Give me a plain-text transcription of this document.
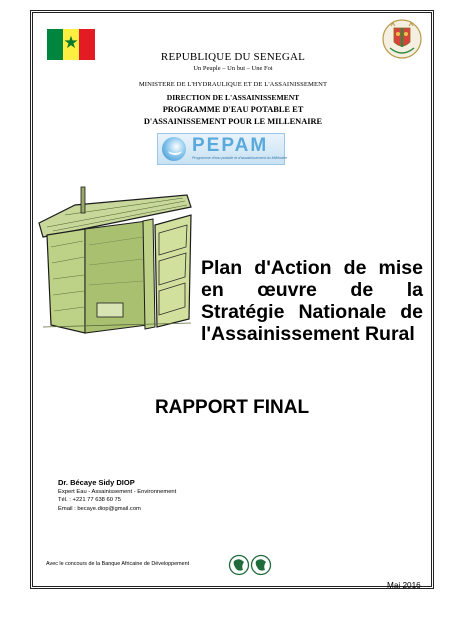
★
REPUBLIQUE DU SENEGAL
Un Peuple – Un but – Une Foi
MINISTERE DE L'HYDRAULIQUE ET DE L'ASSAINISSEMENT
DIRECTION DE L'ASSAINISSEMENT
PROGRAMME D'EAU POTABLE ET
D'ASSAINISSEMENT POUR LE MILLENAIRE
PEPAM
Programme d'eau potable et d'assainissement du Millénaire
Plan d'Action de mise
en œuvre de la
Stratégie Nationale de
l'Assainissement Rural
RAPPORT FINAL
Dr. Bécaye Sidy DIOP
Expert Eau - Assainissement - Environnement
Tél. : +221 77 638 60 75
Email : becaye.diop@gmail.com
Avec le concours de la Banque Africaine de Développement
Mai 2016
